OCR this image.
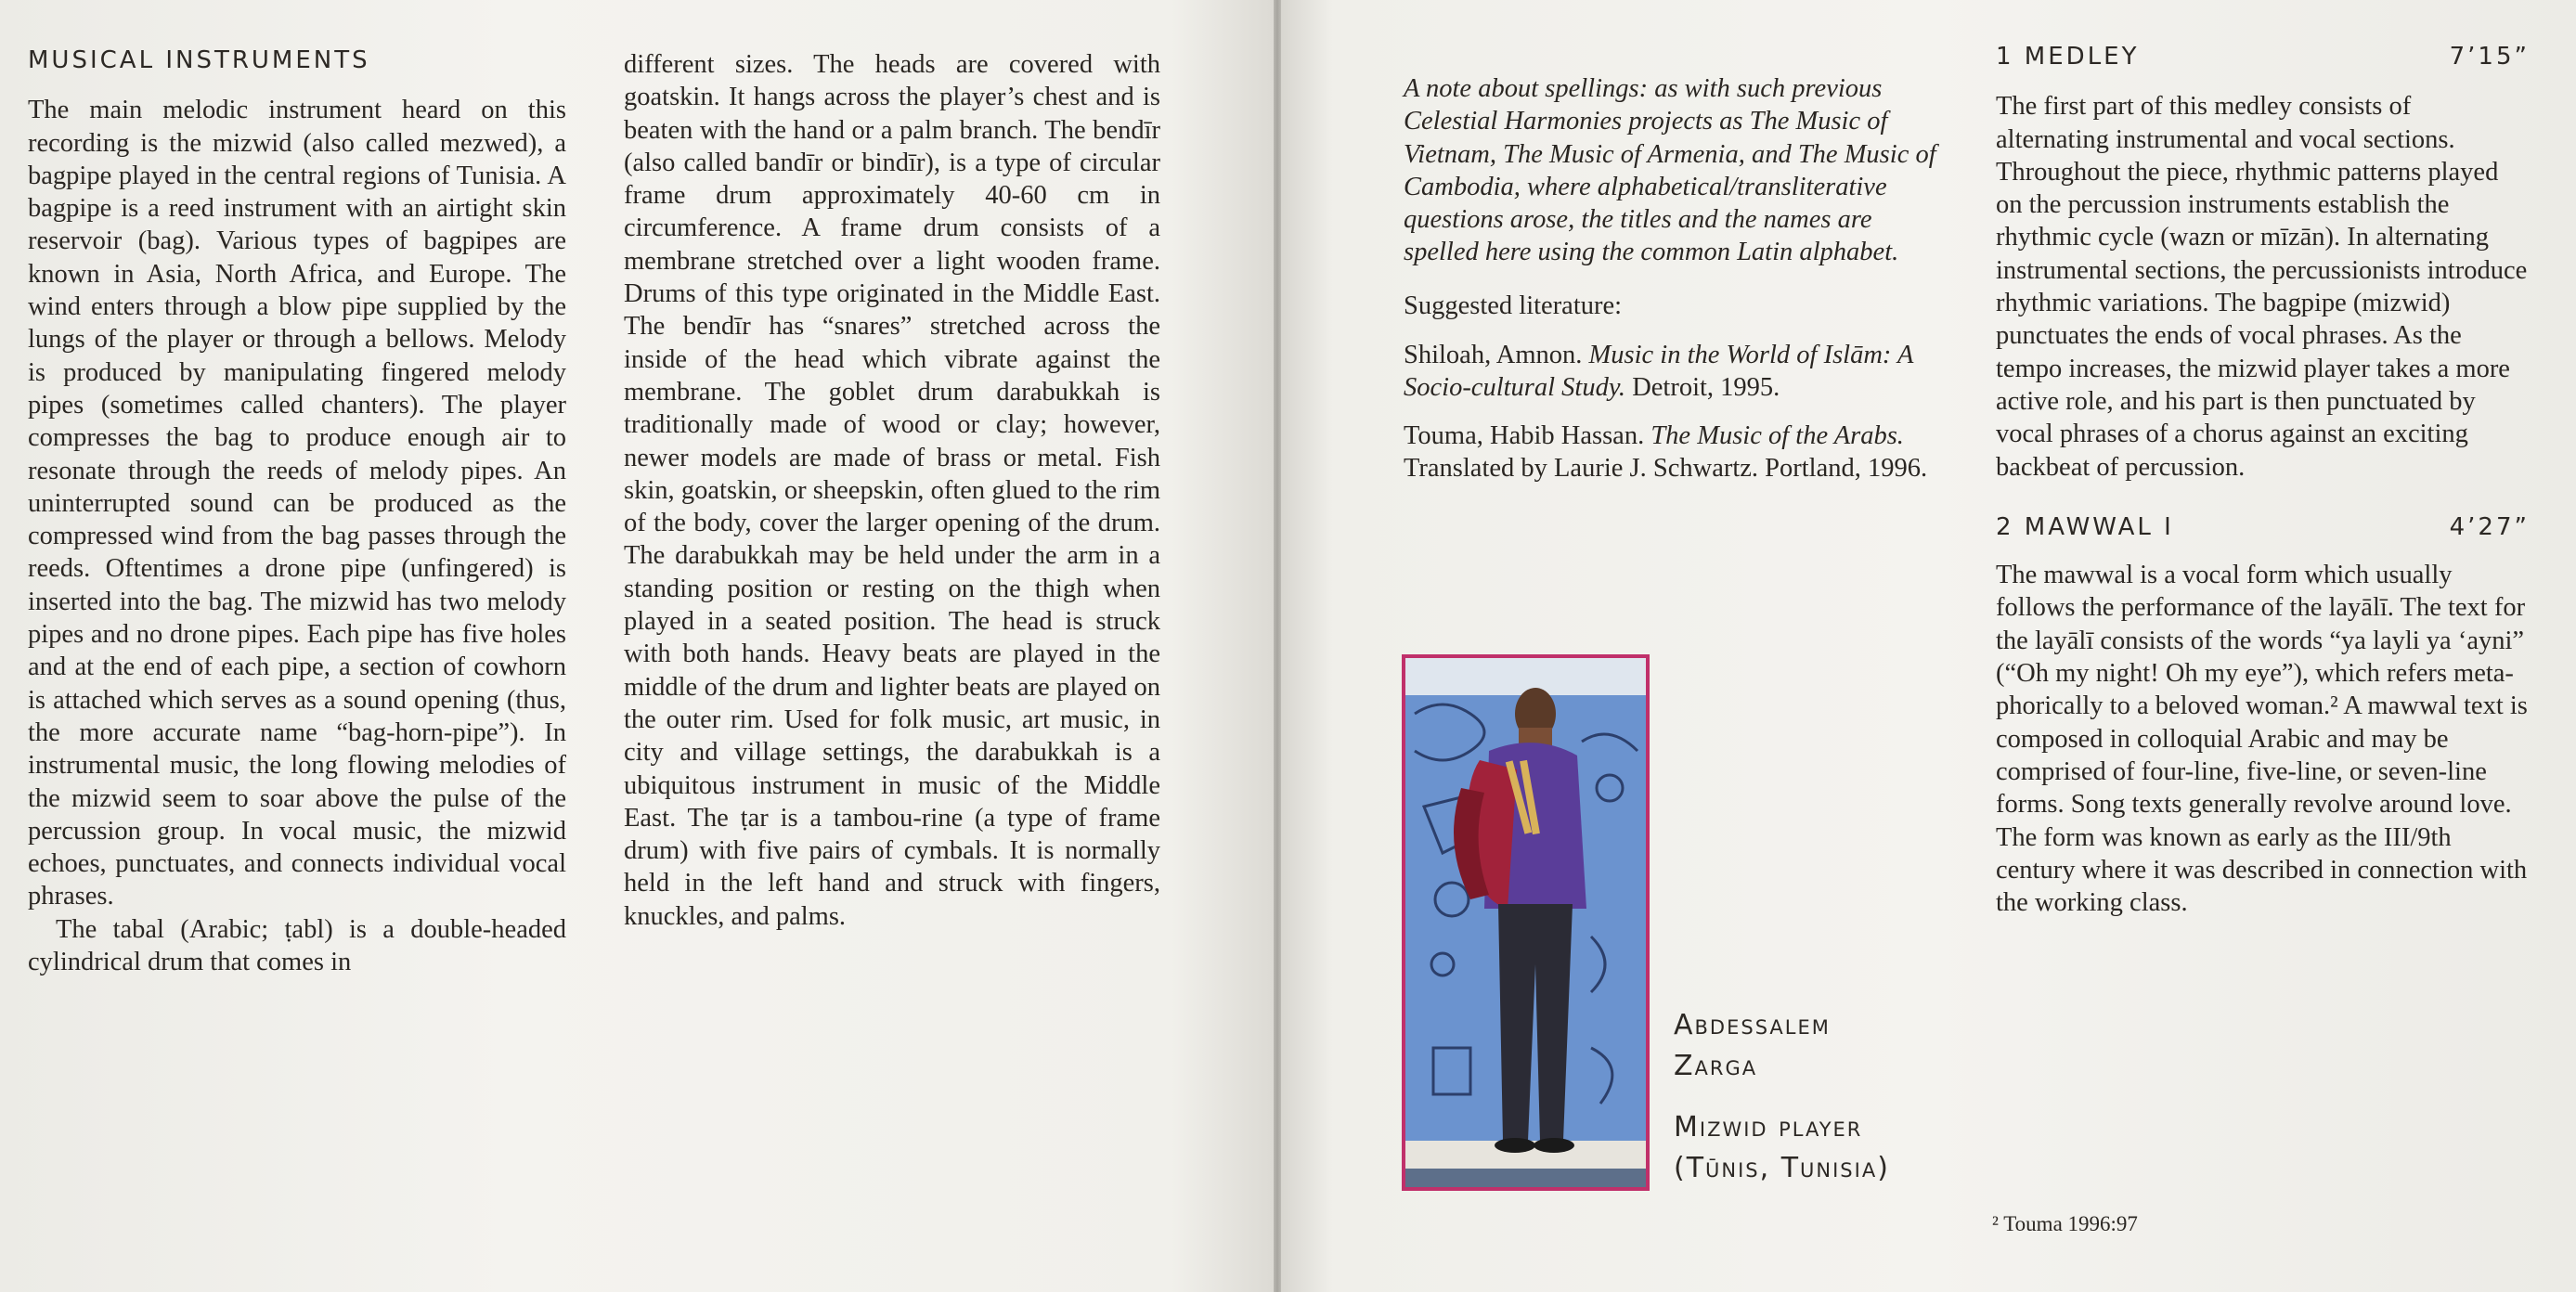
MUSICAL INSTRUMENTS

The main melodic instrument heard on this recording is the mizwid (also called mezwed), a bagpipe played in the central regions of Tunisia. A bagpipe is a reed instrument with an airtight skin reservoir (bag). Various types of bagpipes are known in Asia, North Africa, and Europe. The wind enters through a blow pipe supplied by the lungs of the player or through a bellows. Melody is produced by manipulating fingered melody pipes (sometimes called chanters). The player compresses the bag to produce enough air to resonate through the reeds of melody pipes. An uninterrupted sound can be produced as the compressed wind from the bag passes through the reeds. Oftentimes a drone pipe (unfingered) is inserted into the bag. The mizwid has two melody pipes and no drone pipes. Each pipe has five holes and at the end of each pipe, a section of cowhorn is attached which serves as a sound opening (thus, the more accurate name “bag-horn-pipe”). In instrumental music, the long flowing melodies of the mizwid seem to soar above the pulse of the percussion group. In vocal music, the mizwid echoes, punctuates, and connects individual vocal phrases.

The tabal (Arabic; ṭabl) is a double-headed cylindrical drum that comes in

different sizes. The heads are covered with goatskin. It hangs across the player’s chest and is beaten with the hand or a palm branch. The bendīr (also called bandīr or bindīr), is a type of circular frame drum approximately 40-60 cm in circumference. A frame drum consists of a membrane stretched over a light wooden frame. Drums of this type originated in the Middle East. The bendīr has “snares” stretched across the inside of the head which vibrate against the membrane. The goblet drum darabukkah is traditionally made of wood or clay; however, newer models are made of brass or metal. Fish skin, goatskin, or sheepskin, often glued to the rim of the body, cover the larger opening of the drum. The darabukkah may be held under the arm in a standing position or resting on the thigh when played in a seated position. The head is struck with both hands. Heavy beats are played in the middle of the drum and lighter beats are played on the outer rim. Used for folk music, art music, in city and village settings, the darabukkah is a ubiquitous instrument in music of the Middle East. The ṭar is a tambou-rine (a type of frame drum) with five pairs of cymbals. It is normally held in the left hand and struck with fingers, knuckles, and palms.

A note about spellings: as with such previous Celestial Harmonies projects as The Music of Vietnam, The Music of Armenia, and The Music of Cambodia, where alphabetical/transliterative questions arose, the titles and the names are spelled here using the common Latin alphabet.

Suggested literature:

Shiloah, Amnon. Music in the World of Islām: A Socio-cultural Study. Detroit, 1995.

Touma, Habib Hassan. The Music of the Arabs. Translated by Laurie J. Schwartz. Portland, 1996.

Abdessalem
Zarga
Mizwid player
(Tūnis, Tunisia)
1 MEDLEY	7’15”

The first part of this medley consists of alternating instrumental and vocal sections. Throughout the piece, rhythmic patterns played on the percussion instruments establish the rhythmic cycle (wazn or mīzān). In alternating instrumental sections, the percussionists introduce rhythmic variations. The bagpipe (mizwid) punctuates the ends of vocal phrases. As the tempo increases, the mizwid player takes a more active role, and his part is then punctuated by vocal phrases of a chorus against an exciting backbeat of percussion.

2 MAWWAL I	4’27”

The mawwal is a vocal form which usually follows the performance of the layālī. The text for the layālī consists of the words “ya layli ya ‘ayni” (“Oh my night! Oh my eye”), which refers meta-phorically to a beloved woman.² A mawwal text is composed in colloquial Arabic and may be comprised of four-line, five-line, or seven-line forms. Song texts generally revolve around love. The form was known as early as the III/9th century where it was described in connection with the working class.

² Touma 1996:97
